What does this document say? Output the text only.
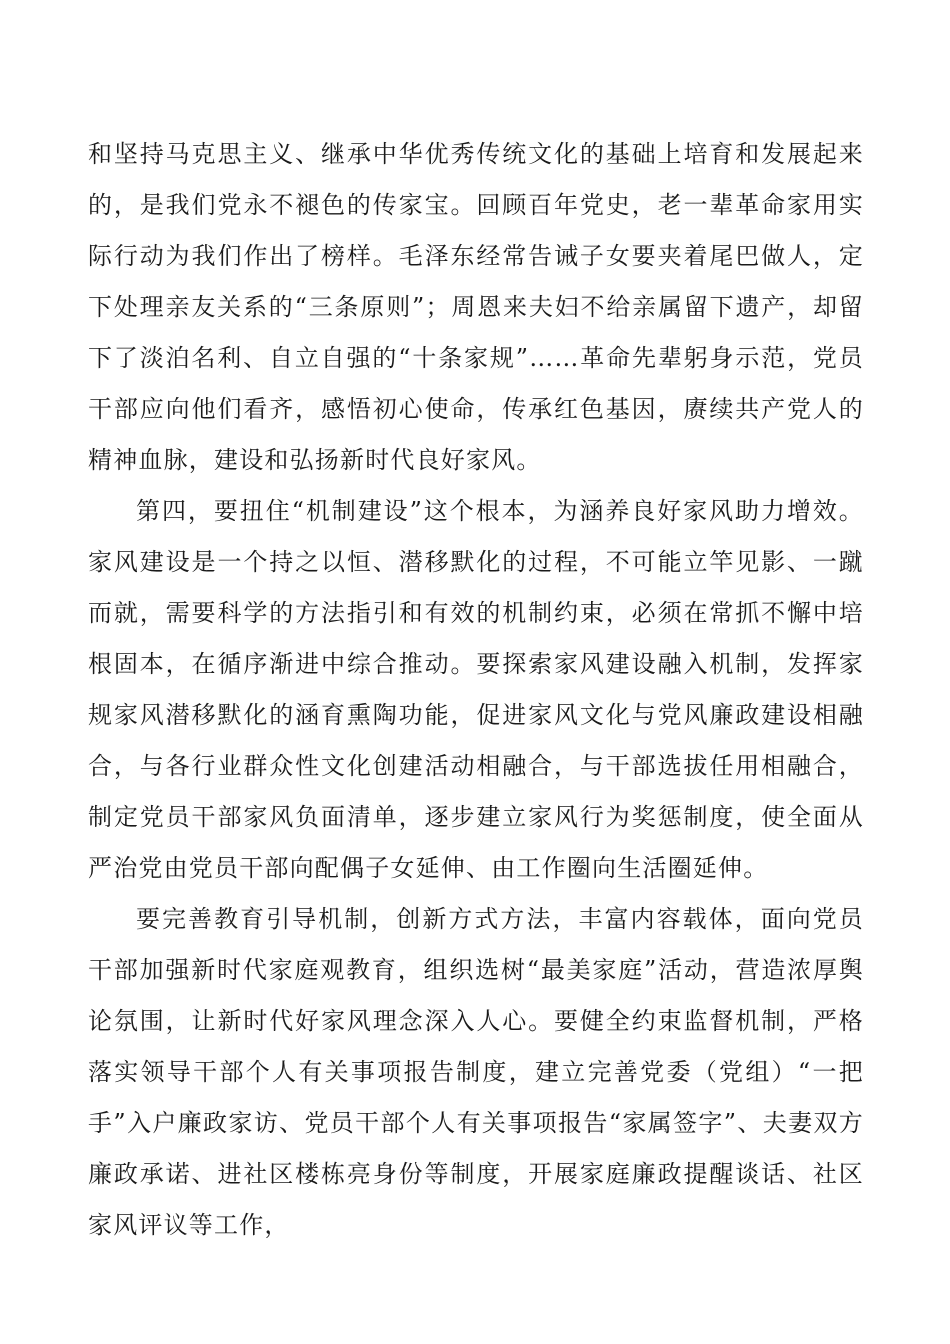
和坚持马克思主义、继承中华优秀传统文化的基础上培育和发展起来的，是我们党永不褪色的传家宝。回顾百年党史，老一辈革命家用实际行动为我们作出了榜样。毛泽东经常告诫子女要夹着尾巴做人，定下处理亲友关系的“三条原则”；周恩来夫妇不给亲属留下遗产，却留下了淡泊名利、自立自强的“十条家规”……革命先辈躬身示范，党员干部应向他们看齐，感悟初心使命，传承红色基因，赓续共产党人的精神血脉，建设和弘扬新时代良好家风。

第四，要扭住“机制建设”这个根本，为涵养良好家风助力增效。家风建设是一个持之以恒、潜移默化的过程，不可能立竿见影、一蹴而就，需要科学的方法指引和有效的机制约束，必须在常抓不懈中培根固本，在循序渐进中综合推动。要探索家风建设融入机制，发挥家规家风潜移默化的涵育熏陶功能，促进家风文化与党风廉政建设相融合，与各行业群众性文化创建活动相融合，与干部选拔任用相融合，制定党员干部家风负面清单，逐步建立家风行为奖惩制度，使全面从严治党由党员干部向配偶子女延伸、由工作圈向生活圈延伸。

要完善教育引导机制，创新方式方法，丰富内容载体，面向党员干部加强新时代家庭观教育，组织选树“最美家庭”活动，营造浓厚舆论氛围，让新时代好家风理念深入人心。要健全约束监督机制，严格落实领导干部个人有关事项报告制度，建立完善党委（党组）“一把手”入户廉政家访、党员干部个人有关事项报告“家属签字”、夫妻双方廉政承诺、进社区楼栋亮身份等制度，开展家庭廉政提醒谈话、社区家风评议等工作，
